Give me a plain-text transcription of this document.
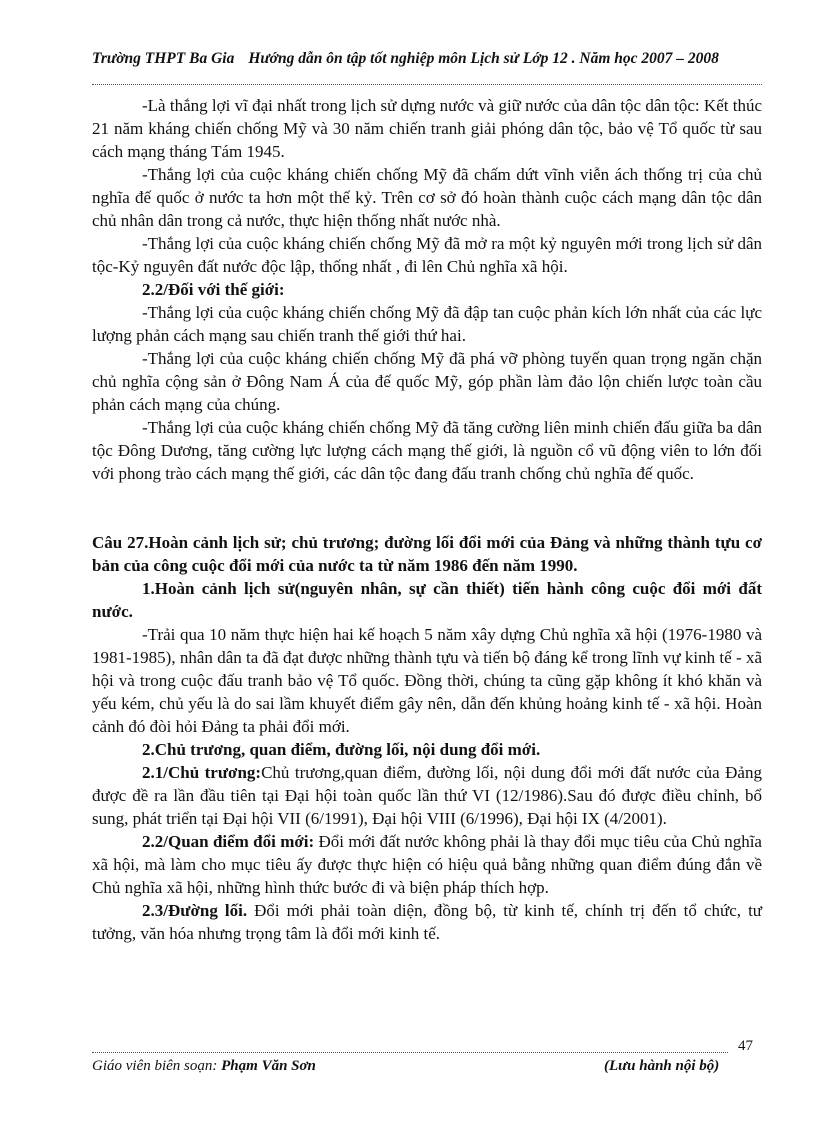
Trường THPT Ba Gia Hướng dẫn ôn tập tốt nghiệp môn Lịch sử Lớp 12 . Năm học 2007 – 2008

-Là thắng lợi vĩ đại nhất trong lịch sử dựng nước và giữ nước của dân tộc dân tộc: Kết thúc 21 năm kháng chiến chống Mỹ và 30 năm chiến tranh giải phóng dân tộc, bảo vệ Tổ quốc từ sau cách mạng tháng Tám 1945.

-Thắng lợi của cuộc kháng chiến chống Mỹ đã chấm dứt vĩnh viễn ách thống trị của chủ nghĩa đế quốc ở nước ta hơn một thế kỷ. Trên cơ sở đó hoàn thành cuộc cách mạng dân tộc dân chủ nhân dân trong cả nước, thực hiện thống nhất nước nhà.

-Thắng lợi của cuộc kháng chiến chống Mỹ đã mở ra một kỷ nguyên mới trong lịch sử dân tộc-Kỷ nguyên đất nước độc lập, thống nhất , đi lên Chủ nghĩa xã hội.

2.2/Đối với thế giới:

-Thắng lợi của cuộc kháng chiến chống Mỹ đã đập tan cuộc phản kích lớn nhất của các lực lượng phản cách mạng sau chiến tranh thế giới thứ hai.

-Thắng lợi của cuộc kháng chiến chống Mỹ đã phá vỡ phòng tuyến quan trọng ngăn chặn chủ nghĩa cộng sản ở Đông Nam Á của đế quốc Mỹ, góp phần làm đảo lộn chiến lược toàn cầu phản cách mạng của chúng.

-Thắng lợi của cuộc kháng chiến chống Mỹ đã tăng cường liên minh chiến đấu giữa ba dân tộc Đông Dương, tăng cường lực lượng cách mạng thế giới, là nguồn cổ vũ động viên to lớn đối với phong trào cách mạng thế giới, các dân tộc đang đấu tranh chống chủ nghĩa đế quốc.

Câu 27.Hoàn cảnh lịch sử; chủ trương; đường lối đổi mới của Đảng và những thành tựu cơ bản của công cuộc đổi mới của nước ta từ năm 1986 đến năm 1990.

1.Hoàn cảnh lịch sử(nguyên nhân, sự cần thiết) tiến hành công cuộc đổi mới đất nước.

-Trải qua 10 năm thực hiện hai kế hoạch 5 năm xây dựng Chủ nghĩa xã hội (1976-1980 và 1981-1985), nhân dân ta đã đạt được những thành tựu và tiến bộ đáng kể trong lĩnh vự kinh tế - xã hội và trong cuộc đấu tranh bảo vệ Tổ quốc. Đồng thời, chúng ta cũng gặp không ít khó khăn và yếu kém, chủ yếu là do sai lầm khuyết điểm gây nên, dẫn đến khủng hoảng kinh tế - xã hội. Hoàn cảnh đó đòi hỏi Đảng ta phải đổi mới.

2.Chủ trương, quan điểm, đường lối, nội dung đổi mới.

2.1/Chủ trương:Chủ trương,quan điểm, đường lối, nội dung đổi mới đất nước của Đảng được đề ra lần đầu tiên tại Đại hội toàn quốc lần thứ VI (12/1986).Sau đó được điều chỉnh, bổ sung, phát triển tại Đại hội VII (6/1991), Đại hội VIII (6/1996), Đại hội IX (4/2001).

2.2/Quan điểm đổi mới: Đổi mới đất nước không phải là thay đổi mục tiêu của Chủ nghĩa xã hội, mà làm cho mục tiêu ấy được thực hiện có hiệu quả bằng những quan điểm đúng đắn về Chủ nghĩa xã hội, những hình thức bước đi và biện pháp thích hợp.

2.3/Đường lối. Đổi mới phải toàn diện, đồng bộ, từ kinh tế, chính trị đến tổ chức, tư tưởng, văn hóa nhưng trọng tâm là đổi mới kinh tế.

47
Giáo viên biên soạn: Phạm Văn Sơn	(Lưu hành nội bộ)
